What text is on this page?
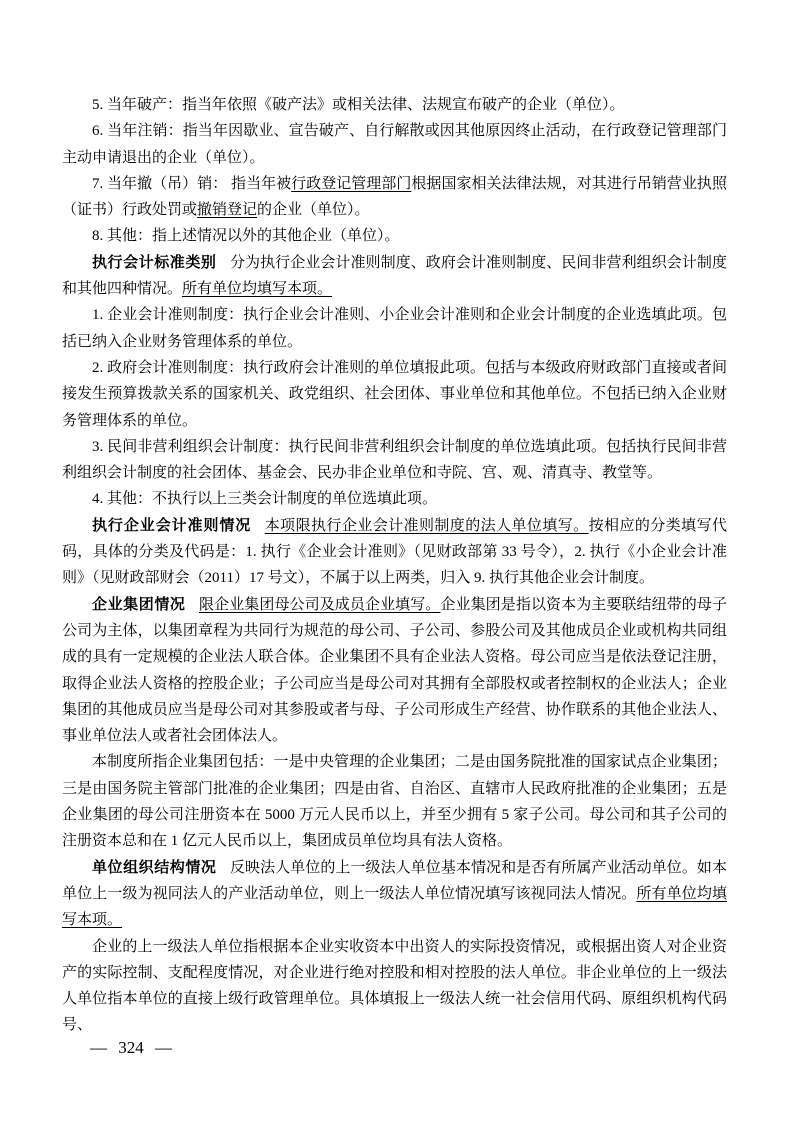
5. 当年破产：指当年依照《破产法》或相关法律、法规宣布破产的企业（单位）。

6. 当年注销：指当年因歇业、宣告破产、自行解散或因其他原因终止活动，在行政登记管理部门主动申请退出的企业（单位）。

7. 当年撤（吊）销： 指当年被行政登记管理部门根据国家相关法律法规，对其进行吊销营业执照（证书）行政处罚或撤销登记的企业（单位）。

8. 其他：指上述情况以外的其他企业（单位）。

执行会计标准类别 分为执行企业会计准则制度、政府会计准则制度、民间非营利组织会计制度和其他四种情况。所有单位均填写本项。

1. 企业会计准则制度：执行企业会计准则、小企业会计准则和企业会计制度的企业选填此项。包括已纳入企业财务管理体系的单位。

2. 政府会计准则制度：执行政府会计准则的单位填报此项。包括与本级政府财政部门直接或者间接发生预算拨款关系的国家机关、政党组织、社会团体、事业单位和其他单位。不包括已纳入企业财务管理体系的单位。

3. 民间非营利组织会计制度：执行民间非营利组织会计制度的单位选填此项。包括执行民间非营利组织会计制度的社会团体、基金会、民办非企业单位和寺院、宫、观、清真寺、教堂等。

4. 其他：不执行以上三类会计制度的单位选填此项。

执行企业会计准则情况 本项限执行企业会计准则制度的法人单位填写。按相应的分类填写代码，具体的分类及代码是：1. 执行《企业会计准则》（见财政部第 33 号令），2. 执行《小企业会计准则》（见财政部财会（2011）17 号文），不属于以上两类，归入 9. 执行其他企业会计制度。

企业集团情况 限企业集团母公司及成员企业填写。企业集团是指以资本为主要联结纽带的母子公司为主体，以集团章程为共同行为规范的母公司、子公司、参股公司及其他成员企业或机构共同组成的具有一定规模的企业法人联合体。企业集团不具有企业法人资格。母公司应当是依法登记注册，取得企业法人资格的控股企业；子公司应当是母公司对其拥有全部股权或者控制权的企业法人；企业集团的其他成员应当是母公司对其参股或者与母、子公司形成生产经营、协作联系的其他企业法人、事业单位法人或者社会团体法人。

本制度所指企业集团包括：一是中央管理的企业集团；二是由国务院批准的国家试点企业集团；三是由国务院主管部门批准的企业集团；四是由省、自治区、直辖市人民政府批准的企业集团；五是企业集团的母公司注册资本在 5000 万元人民币以上，并至少拥有 5 家子公司。母公司和其子公司的注册资本总和在 1 亿元人民币以上，集团成员单位均具有法人资格。

单位组织结构情况 反映法人单位的上一级法人单位基本情况和是否有所属产业活动单位。如本单位上一级为视同法人的产业活动单位，则上一级法人单位情况填写该视同法人情况。所有单位均填写本项。

企业的上一级法人单位指根据本企业实收资本中出资人的实际投资情况，或根据出资人对企业资产的实际控制、支配程度情况，对企业进行绝对控股和相对控股的法人单位。非企业单位的上一级法人单位指本单位的直接上级行政管理单位。具体填报上一级法人统一社会信用代码、原组织机构代码号、

— 324 —
